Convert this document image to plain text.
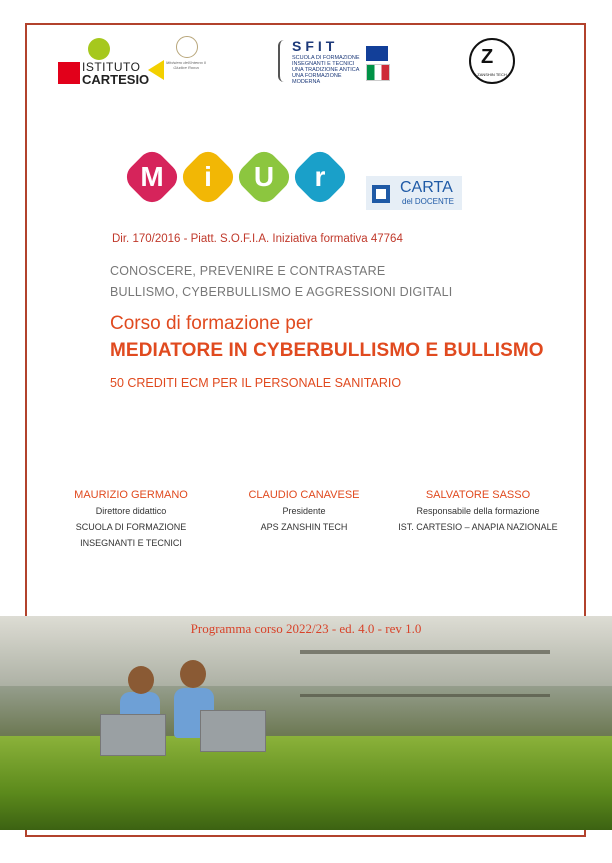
ISTITUTO
CARTESIO
Ministero dell'Interno Il Giudice Roma
SFIT
SCUOLA DI FORMAZIONE INSEGNANTI E TECNICI UNA TRADIZIONE ANTICA UNA FORMAZIONE MODERNA
Z
ZANSHIN TECH
M	i	U	r	CARTA
del DOCENTE
Dir. 170/2016 - Piatt. S.O.F.I.A. Iniziativa formativa 47764
CONOSCERE, PREVENIRE E CONTRASTARE
BULLISMO, CYBERBULLISMO E AGGRESSIONI DIGITALI
Corso di formazione per
MEDIATORE IN CYBERBULLISMO E BULLISMO
50 CREDITI ECM PER IL PERSONALE SANITARIO
MAURIZIO GERMANO
Direttore didattico
SCUOLA DI FORMAZIONE
INSEGNANTI E TECNICI
CLAUDIO CANAVESE
Presidente
APS ZANSHIN TECH
SALVATORE SASSO
Responsabile della formazione
IST. CARTESIO – ANAPIA NAZIONALE
Programma corso 2022/23 - ed. 4.0 - rev 1.0
